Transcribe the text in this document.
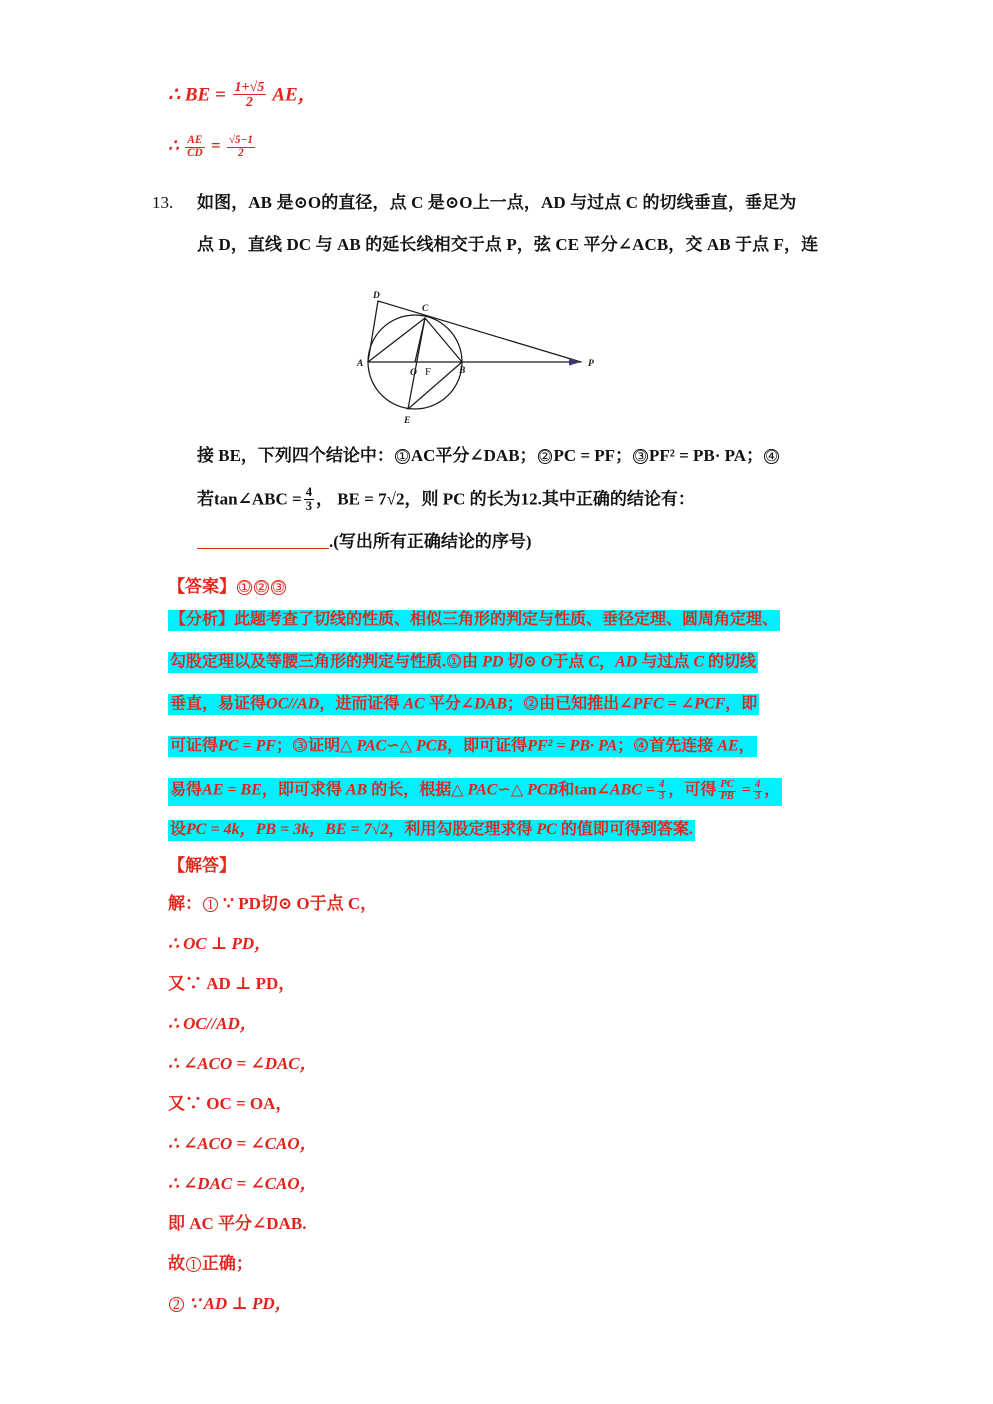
∴ BE = $\frac{1+√5}{2}$ AE，
∴ $\frac{AE}{CD} = \frac{√5-1}{2}$
13. 如图，AB 是⊙O的直径，点 C 是⊙O上一点，AD 与过点 C 的切线垂直，垂足为
点 D，直线 DC 与 AB 的延长线相交于点 P，弦 CE 平分∠ACB，交 AB 于点 F，连
D
C
A
O	B
E
P
F
接 BE，下列四个结论中： ① AC平分∠DAB； ② PC = PF； ③ PF² = PB· PA； ④
若tan∠ABC = $\frac{4}{3}$ ， BE = 7√2，则 PC 的长为12.其中正确的结论有：
.(写出所有正确结论的序号)
【答案】 ① ② ③
【分析】此题考查了切线的性质、相似三角形的判定与性质、垂径定理、圆周角定理、
勾股定理以及等腰三角形的判定与性质. ① 由 PD 切⊙ O于点 C，AD 与过点 C 的切线
垂直，易证得OC//AD，进而证得 AC 平分∠DAB； ② 由已知推出∠PFC = ∠PCF，即
可证得PC = PF； ③ 证明△ PAC∽△ PCB，即可证得PF² = PB· PA； ④ 首先连接 AE，
易得AE = BE，即可求得 AB 的长，根据△ PAC∽△ PCB和tan∠ABC = $\frac{4}{3}$ ，可得 $\frac{PC}{PB} = \frac{4}{3}$ ，
设PC = 4k，PB = 3k，BE = 7√2，利用勾股定理求得 PC 的值即可得到答案.
【解答】
解： 1 ∵ PD切⊙ O于点 C，
∴ OC ⊥ PD，
又∵ AD ⊥ PD，
∴ OC//AD，
∴ ∠ACO = ∠DAC，
又∵ OC = OA，
∴ ∠ACO = ∠CAO，
∴ ∠DAC = ∠CAO，
即 AC 平分∠DAB.
故 1 正确；
2 ∵ AD ⊥ PD，
